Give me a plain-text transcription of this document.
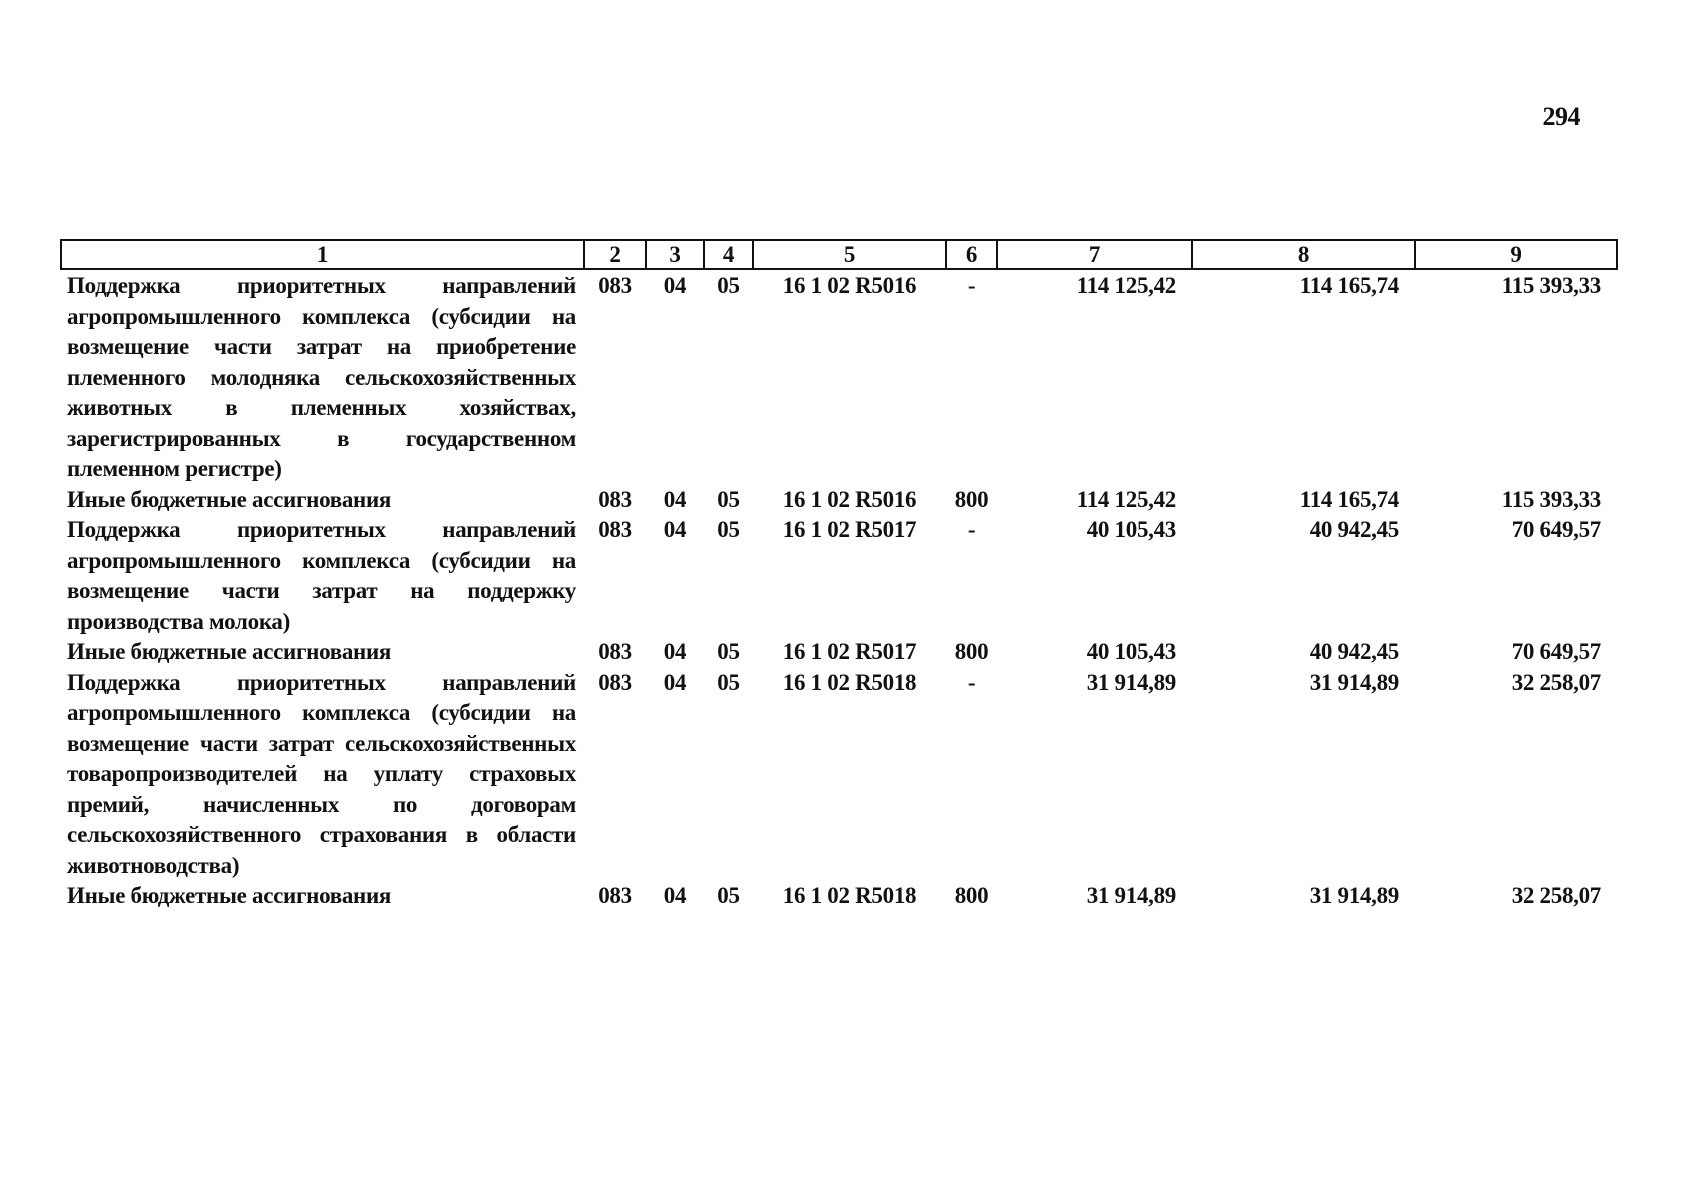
294
1	2	3	4	5	6	7	8	9
Поддержка приоритетных направлений агропромышленного комплекса (субсидии на возмещение части затрат на приобретение племенного молодняка сельскохозяйственных животных в племенных хозяйствах, зарегистрированных в государственном племенном регистре)	083	04	05	16 1 02 R5016	-	114 125,42	114 165,74	115 393,33
Иные бюджетные ассигнования	083	04	05	16 1 02 R5016	800	114 125,42	114 165,74	115 393,33
Поддержка приоритетных направлений агропромышленного комплекса (субсидии на возмещение части затрат на поддержку производства молока)	083	04	05	16 1 02 R5017	-	40 105,43	40 942,45	70 649,57
Иные бюджетные ассигнования	083	04	05	16 1 02 R5017	800	40 105,43	40 942,45	70 649,57
Поддержка приоритетных направлений агропромышленного комплекса (субсидии на возмещение части затрат сельскохозяйственных товаропроизводителей на уплату страховых премий, начисленных по договорам сельскохозяйственного страхования в области животноводства)	083	04	05	16 1 02 R5018	-	31 914,89	31 914,89	32 258,07
Иные бюджетные ассигнования	083	04	05	16 1 02 R5018	800	31 914,89	31 914,89	32 258,07
